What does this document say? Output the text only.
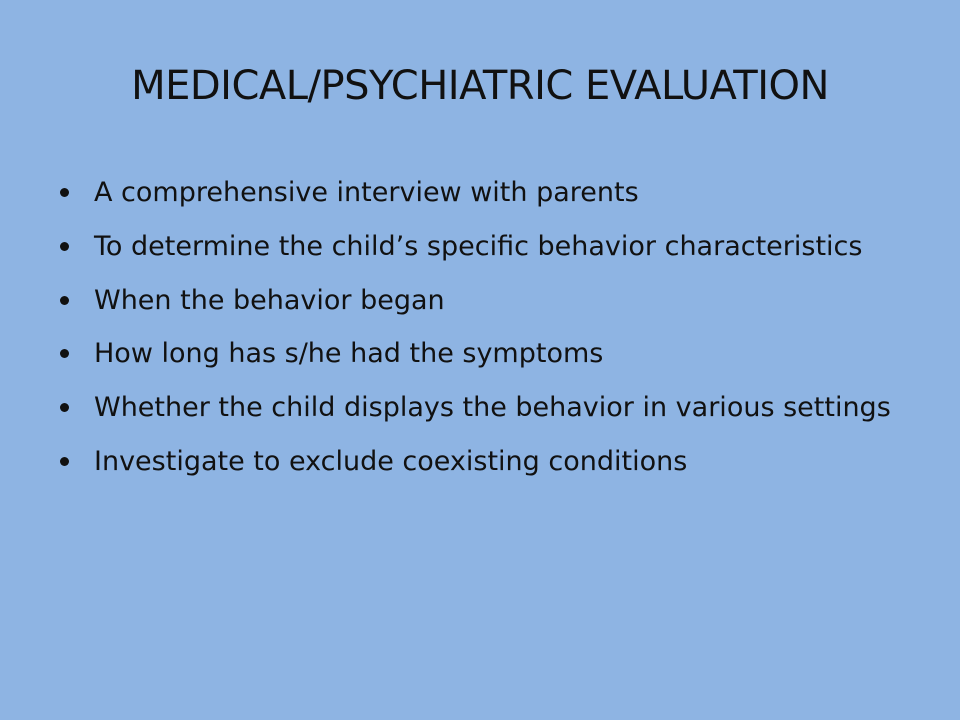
MEDICAL/PSYCHIATRIC EVALUATION
A comprehensive interview with parents
To determine the child’s specific behavior characteristics
When the behavior began
How long has s/he had the symptoms
Whether the child displays the behavior in various settings
Investigate to exclude coexisting conditions
